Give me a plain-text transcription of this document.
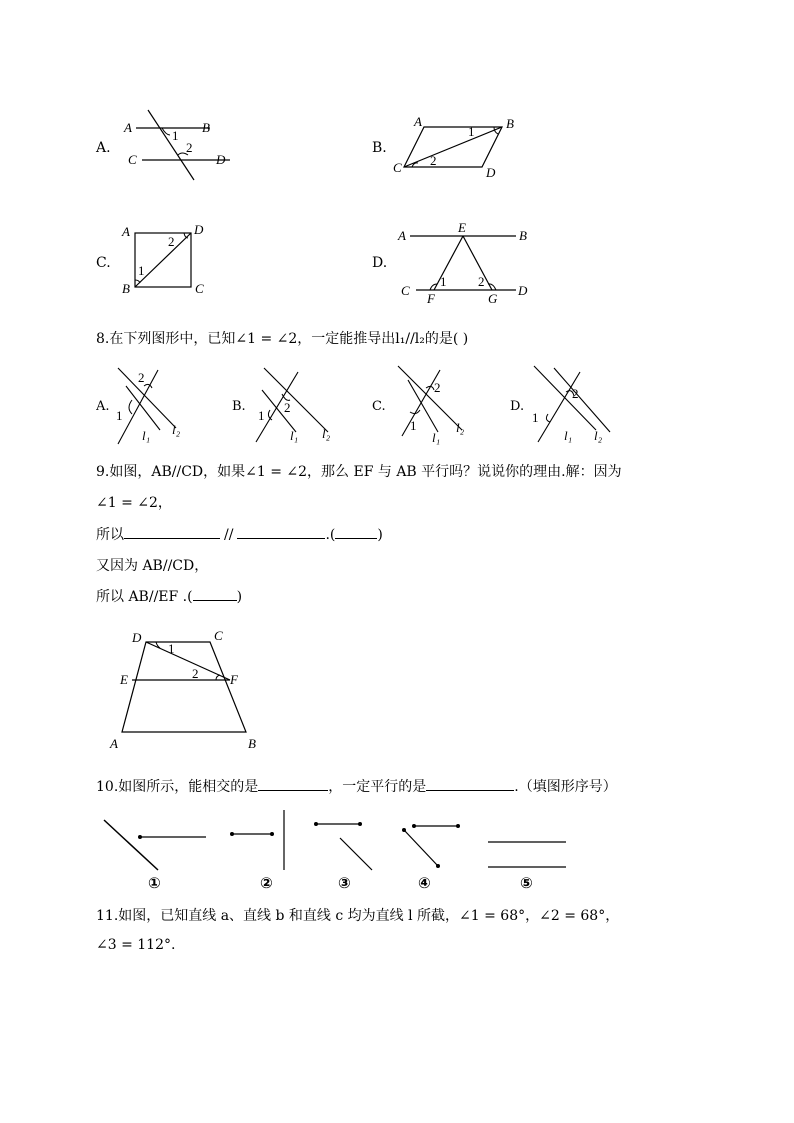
A.
A	B
C	D
1
2	B.
A	B
C	D
1
2
C.
A	D
B	C
2
1	D.
A
E
B
C
F	G
D
1 2
8.在下列图形中，已知∠1 = ∠2，一定能推导出l₁//l₂的是( )
A.
2
1
l₁ l₂
B.
1
2
l₁ l₂
C.
2
1
l₁
l₂
D.
2
1
l₁ l₂
9.如图，AB//CD，如果∠1 = ∠2，那么 EF 与 AB 平行吗？说说你的理由.解：因为
∠1 = ∠2，
所以	//	.(	)
又因为 AB//CD，
所以 AB//EF .(	)
D	C
E	F
A	B
1
2
10.如图所示，能相交的是	，一定平行的是	.（填图形序号）
①	②	③	④	⑤
11.如图，已知直线 a、直线 b 和直线 c 均为直线 l 所截，∠1 = 68°，∠2 = 68°，
∠3 = 112°.
